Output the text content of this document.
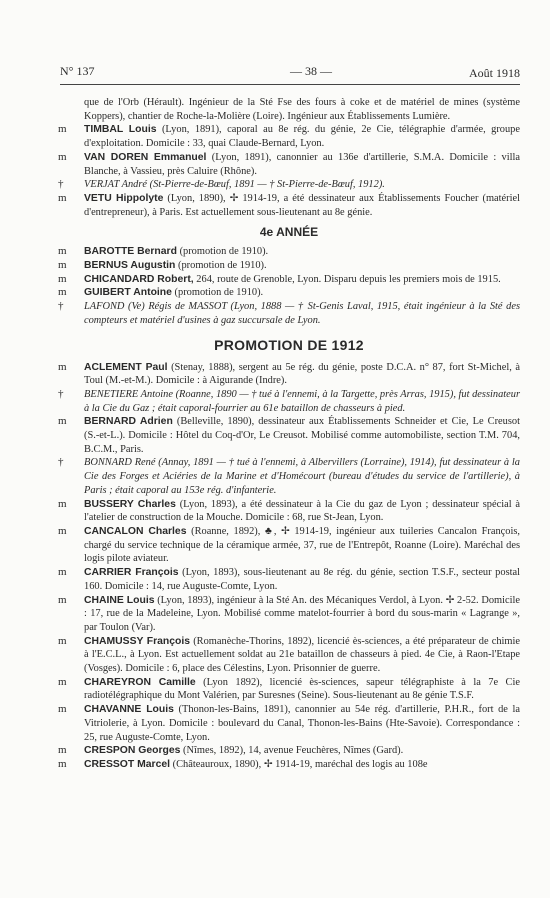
N° 137	— 38 —	Août 1918

que de l'Orb (Hérault). Ingénieur de la Sté Fse des fours à coke et de matériel de mines (système Koppers), chantier de Roche-la-Molière (Loire). Ingénieur aux Établissements Lumière.

m	TIMBAL Louis (Lyon, 1891), caporal au 8e rég. du génie, 2e Cie, télégraphie d'armée, groupe d'exploitation. Domicile : 33, quai Claude-Bernard, Lyon.

m	VAN DOREN Emmanuel (Lyon, 1891), canonnier au 136e d'artillerie, S.M.A. Domicile : villa Blanche, à Vassieu, près Caluire (Rhône).

†	VERJAT André (St-Pierre-de-Bœuf, 1891 — † St-Pierre-de-Bœuf, 1912).

m	VETU Hippolyte (Lyon, 1890), ✢ 1914-19, a été dessinateur aux Établissements Foucher (matériel d'entrepreneur), à Paris. Est actuellement sous-lieutenant au 8e génie.

4e ANNÉE

m	BAROTTE Bernard (promotion de 1910).

m	BERNUS Augustin (promotion de 1910).

m	CHICANDARD Robert, 264, route de Grenoble, Lyon. Disparu depuis les premiers mois de 1915.

m	GUIBERT Antoine (promotion de 1910).

†	LAFOND (Ve) Régis de MASSOT (Lyon, 1888 — † St-Genis Laval, 1915, était ingénieur à la Sté des compteurs et matériel d'usines à gaz succursale de Lyon.

PROMOTION DE 1912

m	ACLEMENT Paul (Stenay, 1888), sergent au 5e rég. du génie, poste D.C.A. n° 87, fort St-Michel, à Toul (M.-et-M.). Domicile : à Aigurande (Indre).

†	BENETIERE Antoine (Roanne, 1890 — † tué à l'ennemi, à la Targette, près Arras, 1915), fut dessinateur à la Cie du Gaz ; était caporal-fourrier au 61e bataillon de chasseurs à pied.

m	BERNARD Adrien (Belleville, 1890), dessinateur aux Établissements Schneider et Cie, Le Creusot (S.-et-L.). Domicile : Hôtel du Coq-d'Or, Le Creusot. Mobilisé comme automobiliste, section T.M. 704, B.C.M., Paris.

†	BONNARD René (Annay, 1891 — † tué à l'ennemi, à Albervillers (Lorraine), 1914), fut dessinateur à la Cie des Forges et Aciéries de la Marine et d'Homécourt (bureau d'études du service de l'artillerie), à Paris ; était caporal au 153e rég. d'infanterie.

m	BUSSERY Charles (Lyon, 1893), a été dessinateur à la Cie du gaz de Lyon ; dessinateur spécial à l'atelier de construction de la Mouche. Domicile : 68, rue St-Jean, Lyon.

m	CANCALON Charles (Roanne, 1892), ♣, ✢ 1914-19, ingénieur aux tuileries Cancalon François, chargé du service technique de la céramique armée, 37, rue de l'Entrepôt, Roanne (Loire). Maréchal des logis pilote aviateur.

m	CARRIER François (Lyon, 1893), sous-lieutenant au 8e rég. du génie, section T.S.F., secteur postal 160. Domicile : 14, rue Auguste-Comte, Lyon.

m	CHAINE Louis (Lyon, 1893), ingénieur à la Sté An. des Mécaniques Verdol, à Lyon. ✢ 2-52. Domicile : 17, rue de la Madeleine, Lyon. Mobilisé comme matelot-fourrier à bord du sous-marin « Lagrange », par Toulon (Var).

m	CHAMUSSY François (Romanèche-Thorins, 1892), licencié ès-sciences, a été préparateur de chimie à l'E.C.L., à Lyon. Est actuellement soldat au 21e bataillon de chasseurs à pied. 4e Cie, à Raon-l'Etape (Vosges). Domicile : 6, place des Célestins, Lyon. Prisonnier de guerre.

m	CHAREYRON Camille (Lyon 1892), licencié ès-sciences, sapeur télégraphiste à la 7e Cie radiotélégraphique du Mont Valérien, par Suresnes (Seine). Sous-lieutenant au 8e génie T.S.F.

m	CHAVANNE Louis (Thonon-les-Bains, 1891), canonnier au 54e rég. d'artillerie, P.H.R., fort de la Vitriolerie, à Lyon. Domicile : boulevard du Canal, Thonon-les-Bains (Hte-Savoie). Correspondance : 25, rue Auguste-Comte, Lyon.

m	CRESPON Georges (Nîmes, 1892), 14, avenue Feuchères, Nîmes (Gard).

m	CRESSOT Marcel (Châteauroux, 1890), ✢ 1914-19, maréchal des logis au 108e
